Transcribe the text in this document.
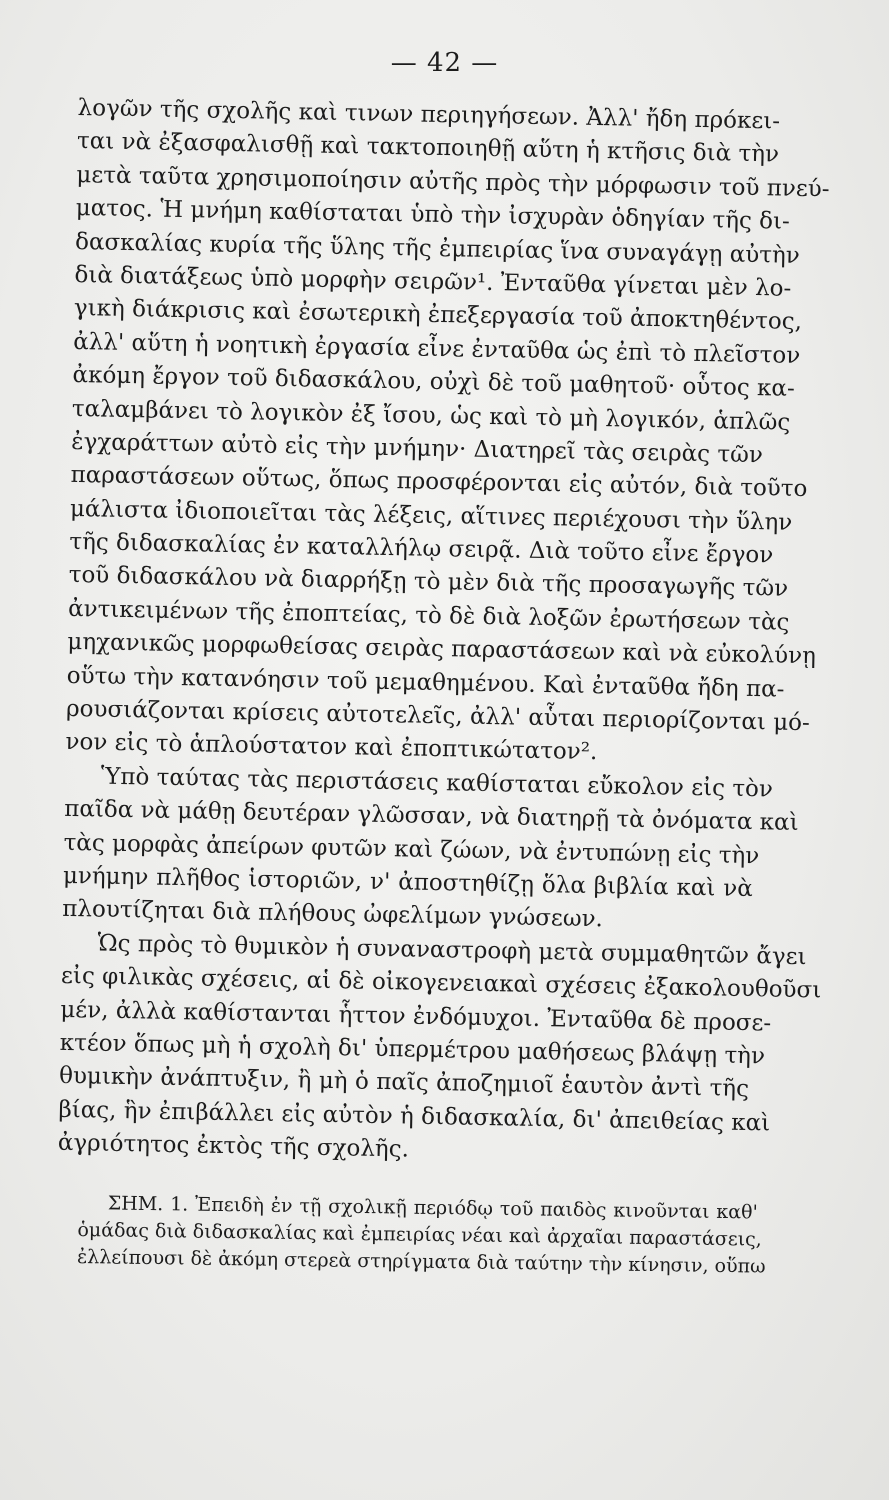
— 42 —
λογῶν τῆς σχολῆς καὶ τινων περιηγήσεων. Ἀλλ' ἤδη πρόκει-
ται νὰ ἐξασφαλισθῇ καὶ τακτοποιηθῇ αὕτη ἡ κτῆσις διὰ τὴν
μετὰ ταῦτα χρησιμοποίησιν αὐτῆς πρὸς τὴν μόρφωσιν τοῦ πνεύ-
ματος. Ἡ μνήμη καθίσταται ὑπὸ τὴν ἰσχυρὰν ὁδηγίαν τῆς δι-
δασκαλίας κυρία τῆς ὕλης τῆς ἐμπειρίας ἵνα συναγάγῃ αὐτὴν
διὰ διατάξεως ὑπὸ μορφὴν σειρῶν¹. Ἐνταῦθα γίνεται μὲν λο-
γικὴ διάκρισις καὶ ἐσωτερικὴ ἐπεξεργασία τοῦ ἀποκτηθέντος,
ἀλλ' αὕτη ἡ νοητικὴ ἐργασία εἶνε ἐνταῦθα ὡς ἐπὶ τὸ πλεῖστον
ἀκόμη ἔργον τοῦ διδασκάλου, οὐχὶ δὲ τοῦ μαθητοῦ· οὗτος κα-
ταλαμβάνει τὸ λογικὸν ἐξ ἴσου, ὡς καὶ τὸ μὴ λογικόν, ἁπλῶς
ἐγχαράττων αὐτὸ εἰς τὴν μνήμην· Διατηρεῖ τὰς σειρὰς τῶν
παραστάσεων οὕτως, ὅπως προσφέρονται εἰς αὐτόν, διὰ τοῦτο
μάλιστα ἰδιοποιεῖται τὰς λέξεις, αἵτινες περιέχουσι τὴν ὕλην
τῆς διδασκαλίας ἐν καταλλήλῳ σειρᾷ. Διὰ τοῦτο εἶνε ἔργον
τοῦ διδασκάλου νὰ διαρρήξῃ τὸ μὲν διὰ τῆς προσαγωγῆς τῶν
ἀντικειμένων τῆς ἐποπτείας, τὸ δὲ διὰ λοξῶν ἐρωτήσεων τὰς
μηχανικῶς μορφωθείσας σειρὰς παραστάσεων καὶ νὰ εὐκολύνῃ
οὕτω τὴν κατανόησιν τοῦ μεμαθημένου. Καὶ ἐνταῦθα ἤδη πα-
ρουσιάζονται κρίσεις αὐτοτελεῖς, ἀλλ' αὗται περιορίζονται μό-
νον εἰς τὸ ἁπλούστατον καὶ ἐποπτικώτατον².
Ὑπὸ ταύτας τὰς περιστάσεις καθίσταται εὔκολον εἰς τὸν
παῖδα νὰ μάθῃ δευτέραν γλῶσσαν, νὰ διατηρῇ τὰ ὀνόματα καὶ
τὰς μορφὰς ἀπείρων φυτῶν καὶ ζώων, νὰ ἐντυπώνῃ εἰς τὴν
μνήμην πλῆθος ἱστοριῶν, ν' ἀποστηθίζῃ ὅλα βιβλία καὶ νὰ
πλουτίζηται διὰ πλήθους ὠφελίμων γνώσεων.
Ὡς πρὸς τὸ θυμικὸν ἡ συναναστροφὴ μετὰ συμμαθητῶν ἄγει
εἰς φιλικὰς σχέσεις, αἱ δὲ οἰκογενειακαὶ σχέσεις ἐξακολουθοῦσι
μέν, ἀλλὰ καθίστανται ἧττον ἐνδόμυχοι. Ἐνταῦθα δὲ προσε-
κτέον ὅπως μὴ ἡ σχολὴ δι' ὑπερμέτρου μαθήσεως βλάψῃ τὴν
θυμικὴν ἀνάπτυξιν, ἢ μὴ ὁ παῖς ἀποζημιοῖ ἑαυτὸν ἀντὶ τῆς
βίας, ἣν ἐπιβάλλει εἰς αὐτὸν ἡ διδασκαλία, δι' ἀπειθείας καὶ
ἀγριότητος ἐκτὸς τῆς σχολῆς.
ΣΗΜ. 1. Ἐπειδὴ ἐν τῇ σχολικῇ περιόδῳ τοῦ παιδὸς κινοῦνται καθ'
ὁμάδας διὰ διδασκαλίας καὶ ἐμπειρίας νέαι καὶ ἀρχαῖαι παραστάσεις,
ἐλλείπουσι δὲ ἀκόμη στερεὰ στηρίγματα διὰ ταύτην τὴν κίνησιν, οὕπω
